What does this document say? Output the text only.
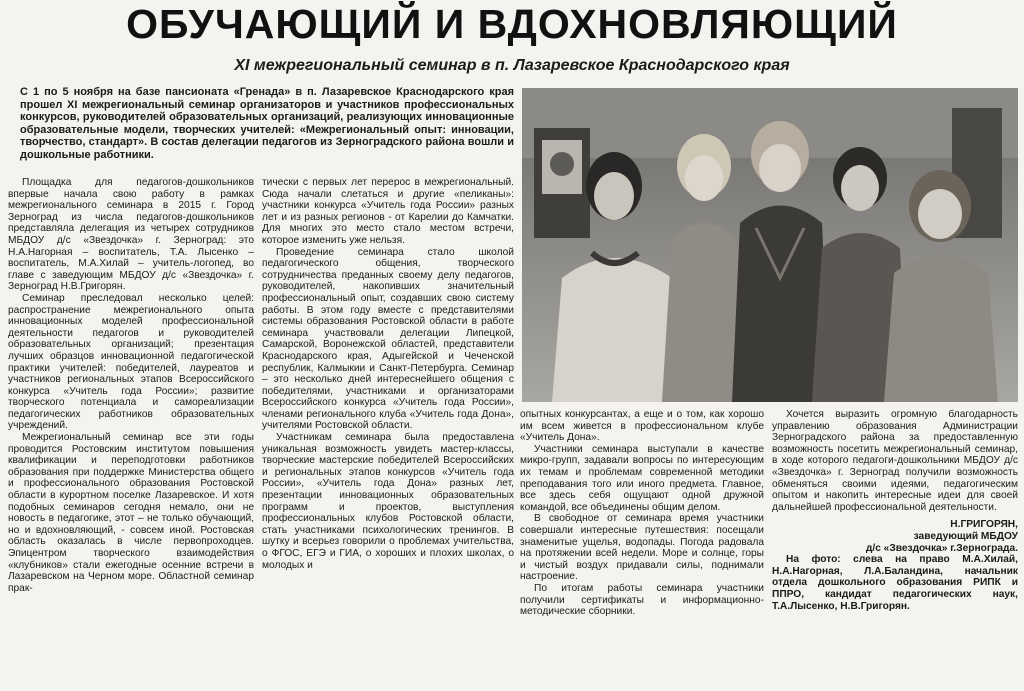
ОБУЧАЮЩИЙ И ВДОХНОВЛЯЮЩИЙ
XI межрегиональный семинар в п. Лазаревское Краснодарского края
С 1 по 5 ноября на базе пансионата «Гренада» в п. Лазаревское Краснодарского края прошел XI межрегиональный семинар организаторов и участников профессиональных конкурсов, руководителей образовательных организаций, реализующих инновационные образовательные модели, творческих учителей: «Межрегиональный опыт: инновации, творчество, стандарт». В состав делегации педагогов из Зерноградского района вошли и дошкольные работники.

Площадка для педагогов-дошкольников впервые начала свою работу в рамках межрегионального семинара в 2015 г. Город Зерноград из числа педагогов-дошкольников представляла делегация из четырех сотрудников МБДОУ д/с «Звездочка» г. Зерноград: это Н.А.Нагорная – воспитатель, Т.А. Лысенко – воспитатель, М.А.Хилай – учитель-логопед, во главе с заведующим МБДОУ д/с «Звездочка» г. Зерноград Н.В.Григорян.

Семинар преследовал несколько целей: распространение межрегионального опыта инновационных моделей профессиональной деятельности педагогов и руководителей образовательных организаций; презентация лучших образцов инновационной педагогической практики учителей: победителей, лауреатов и участников региональных этапов Всероссийского конкурса «Учитель года России»; развитие творческого потенциала и самореализации педагогических работников образовательных учреждений.

Межрегиональный семинар все эти годы проводится Ростовским институтом повышения квалификации и переподготовки работников образования при поддержке Министерства общего и профессионального образования Ростовской области в курортном поселке Лазаревское. И хотя подобных семинаров сегодня немало, они не новость в педагогике, этот – не только обучающий, но и вдохновляющий, - совсем иной. Ростовская область оказалась в числе первопроходцев. Эпицентром творческого взаимодействия «клубников» стали ежегодные осенние встречи в Лазаревском на Черном море. Областной семинар прак-

тически с первых лет перерос в межрегиональный. Сюда начали слетаться и другие «пеликаны»: участники конкурса «Учитель года России» разных лет и из разных регионов - от Карелии до Камчатки. Для многих это место стало местом встречи, которое изменить уже нельзя.

Проведение семинара стало школой педагогического общения, творческого сотрудничества преданных своему делу педагогов, руководителей, накопивших значительный профессиональный опыт, создавших свою систему работы. В этом году вместе с представителями системы образования Ростовской области в работе семинара участвовали делегации Липецкой, Самарской, Воронежской областей, представители Краснодарского края, Адыгейской и Чеченской республик, Калмыкии и Санкт-Петербурга. Семинар – это несколько дней интереснейшего общения с победителями, участниками и организаторами Всероссийского конкурса «Учитель года России», членами регионального клуба «Учитель года Дона», учителями Ростовской области.

Участникам семинара была предоставлена уникальная возможность увидеть мастер-классы, творческие мастерские победителей Всероссийских и региональных этапов конкурсов «Учитель года России», «Учитель года Дона» разных лет, презентации инновационных образовательных программ и проектов, выступления профессиональных клубов Ростовской области, стать участниками психологических тренингов. В шутку и всерьез говорили о проблемах учительства, о ФГОС, ЕГЭ и ГИА, о хороших и плохих школах, о молодых и

опытных конкурсантах, а еще и о том, как хорошо им всем живется в профессиональном клубе «Учитель Дона».

Участники семинара выступали в качестве микро-групп, задавали вопросы по интересующим их темам и проблемам современной методики преподавания того или иного предмета. Главное, все здесь себя ощущают одной дружной командой, все объединены общим делом.

В свободное от семинара время участники совершали интересные путешествия: посещали знаменитые ущелья, водопады. Погода радовала на протяжении всей недели. Море и солнце, горы и чистый воздух придавали силы, поднимали настроение.

По итогам работы семинара участники получили сертификаты и информационно-методические сборники.

Хочется выразить огромную благодарность управлению образования Администрации Зерноградского района за предоставленную возможность посетить межрегиональный семинар, в ходе которого педагоги-дошкольники МБДОУ д/с «Звездочка» г. Зерноград получили возможность обменяться своими идеями, педагогическим опытом и накопить интересные идеи для своей дальнейшей профессиональной деятельности.

Н.ГРИГОРЯН,
заведующий МБДОУ
д/с «Звездочка» г.Зернограда.

На фото: слева на право М.А.Хилай, Н.А.Нагорная, Л.А.Баландина, начальник отдела дошкольного образования РИПК и ППРО, кандидат педагогических наук, Т.А.Лысенко, Н.В.Григорян.
